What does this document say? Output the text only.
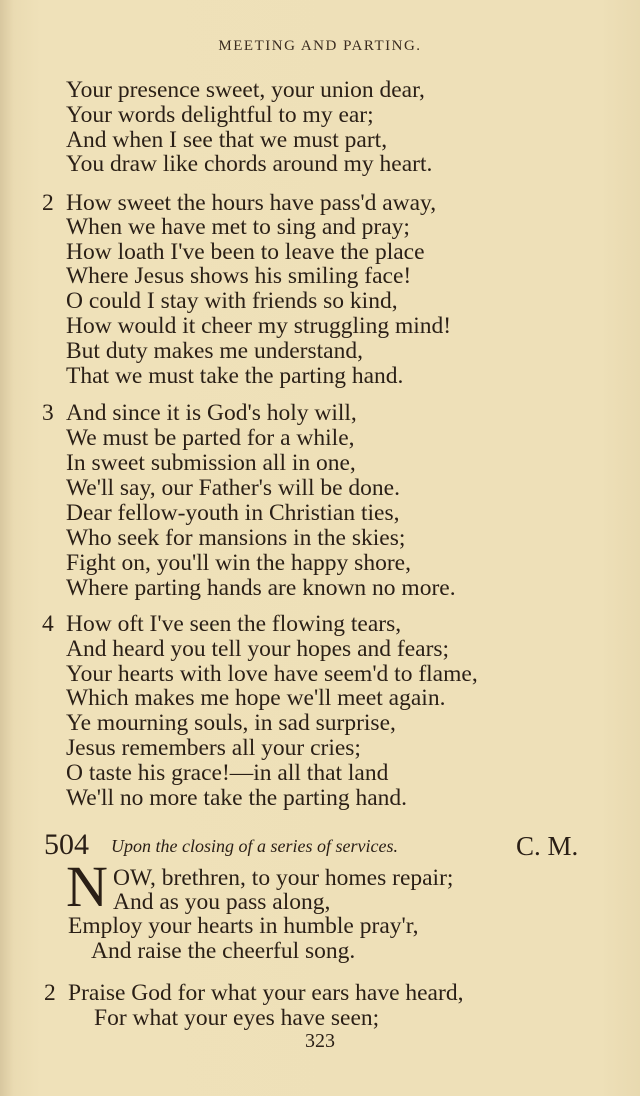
MEETING AND PARTING.
Your presence sweet, your union dear,
Your words delightful to my ear;
And when I see that we must part,
You draw like chords around my heart.
2 How sweet the hours have pass'd away,
When we have met to sing and pray;
How loath I've been to leave the place
Where Jesus shows his smiling face!
O could I stay with friends so kind,
How would it cheer my struggling mind!
But duty makes me understand,
That we must take the parting hand.
3 And since it is God's holy will,
We must be parted for a while,
In sweet submission all in one,
We'll say, our Father's will be done.
Dear fellow-youth in Christian ties,
Who seek for mansions in the skies;
Fight on, you'll win the happy shore,
Where parting hands are known no more.
4 How oft I've seen the flowing tears,
And heard you tell your hopes and fears;
Your hearts with love have seem'd to flame,
Which makes me hope we'll meet again.
Ye mourning souls, in sad surprise,
Jesus remembers all your cries;
O taste his grace!—in all that land
We'll no more take the parting hand.
504 Upon the closing of a series of services.	C. M.
N OW, brethren, to your homes repair;
And as you pass along,
Employ your hearts in humble pray'r,
And raise the cheerful song.
2 Praise God for what your ears have heard,
For what your eyes have seen;
323
